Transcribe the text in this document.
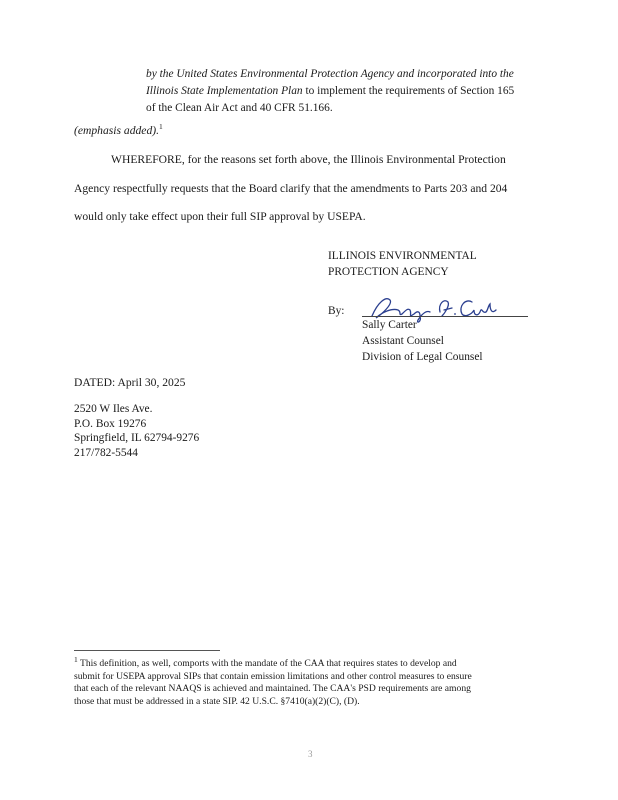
by the United States Environmental Protection Agency and incorporated into the
Illinois State Implementation Plan to implement the requirements of Section 165
of the Clean Air Act and 40 CFR 51.166.
(emphasis added).$^1$
WHEREFORE, for the reasons set forth above, the Illinois Environmental Protection
Agency respectfully requests that the Board clarify that the amendments to Parts 203 and 204
would only take effect upon their full SIP approval by USEPA.
ILLINOIS ENVIRONMENTAL
PROTECTION AGENCY
By:
Sally Carter
Assistant Counsel
Division of Legal Counsel
DATED: April 30, 2025
2520 W Iles Ave.
P.O. Box 19276
Springfield, IL 62794-9276
217/782-5544
$^1$ This definition, as well, comports with the mandate of the CAA that requires states to develop and
submit for USEPA approval SIPs that contain emission limitations and other control measures to ensure
that each of the relevant NAAQS is achieved and maintained. The CAA's PSD requirements are among
those that must be addressed in a state SIP. 42 U.S.C. §7410(a)(2)(C), (D).
3
